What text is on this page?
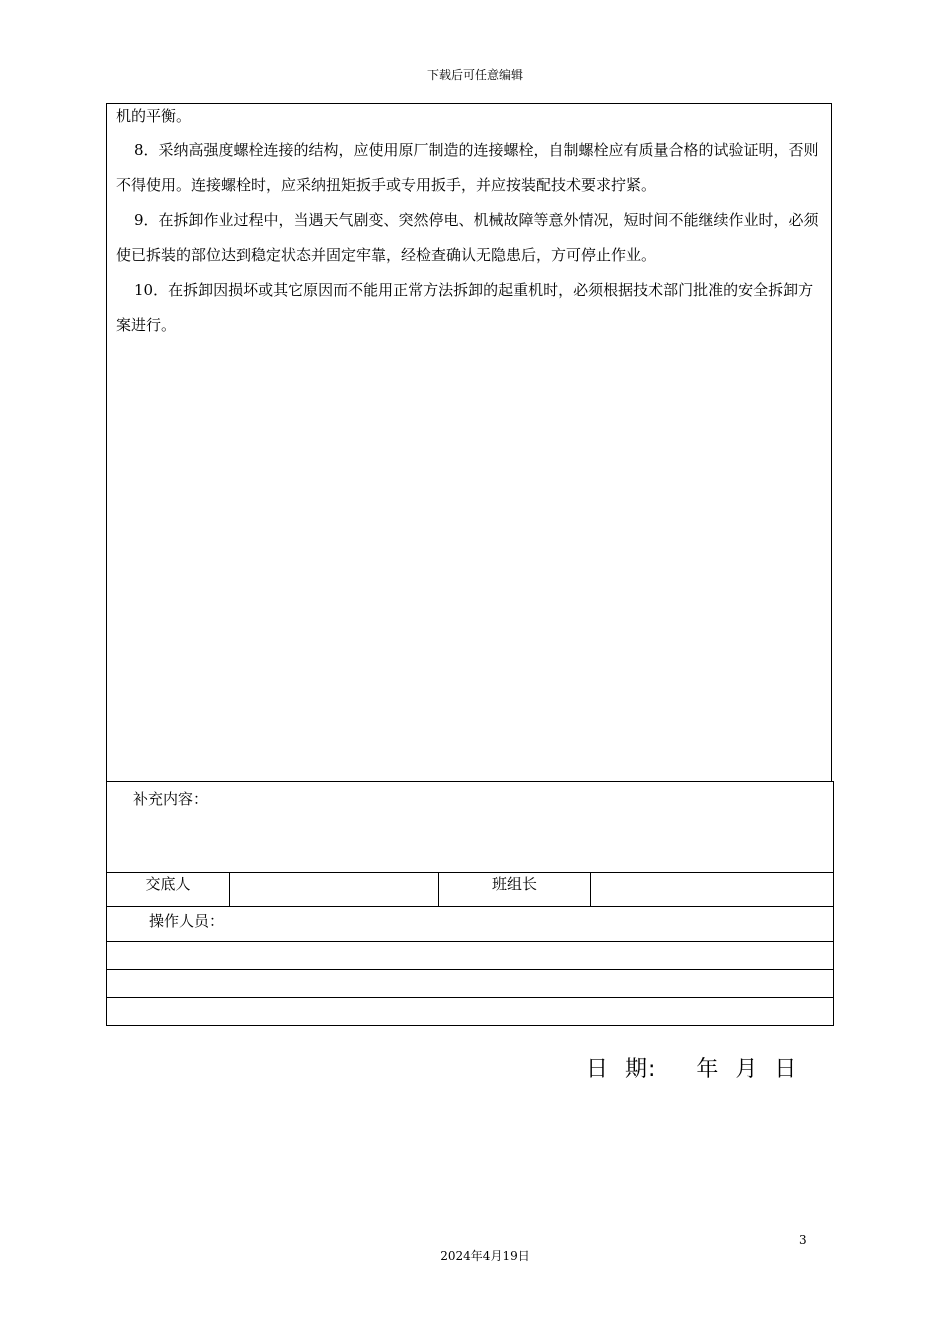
下载后可任意编辑

机的平衡。

8．采纳高强度螺栓连接的结构，应使用原厂制造的连接螺栓，自制螺栓应有质量合格的试验证明，否则不得使用。连接螺栓时，应采纳扭矩扳手或专用扳手，并应按装配技术要求拧紧。

9．在拆卸作业过程中，当遇天气剧变、突然停电、机械故障等意外情况，短时间不能继续作业时，必须使已拆装的部位达到稳定状态并固定牢靠，经检查确认无隐患后，方可停止作业。

10．在拆卸因损坏或其它原因而不能用正常方法拆卸的起重机时，必须根据技术部门批准的安全拆卸方案进行。

补充内容：
交底人		班组长	
操作人员：

日  期:     年  月  日
3
2024年4月19日
